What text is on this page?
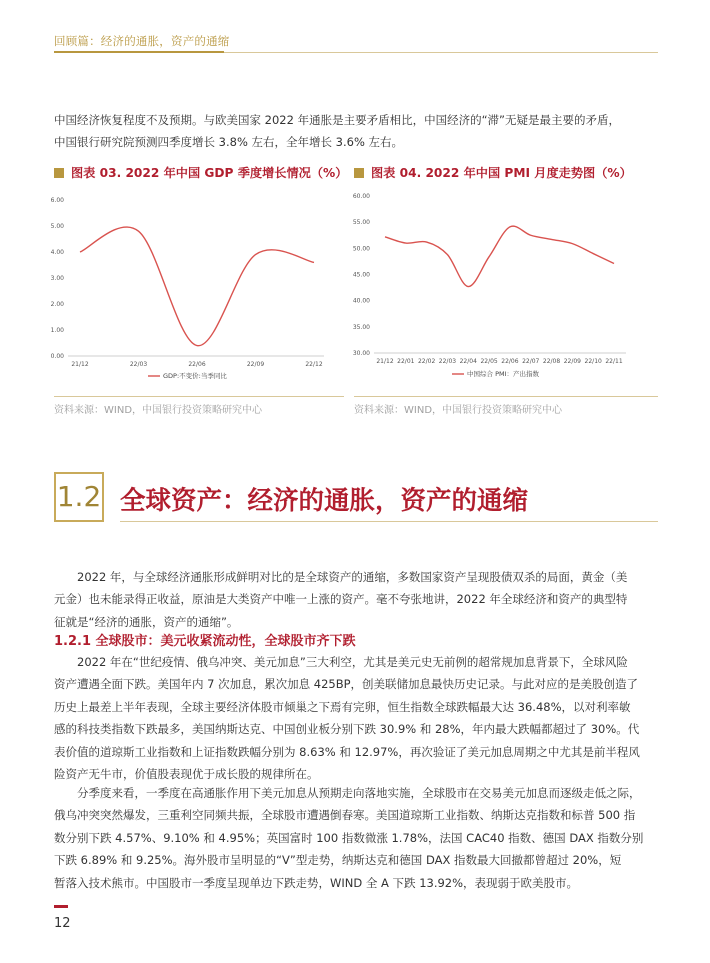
回顾篇：经济的通胀，资产的通缩
中国经济恢复程度不及预期。与欧美国家 2022 年通胀是主要矛盾相比，中国经济的“滞”无疑是最主要的矛盾，
中国银行研究院预测四季度增长 3.8% 左右，全年增长 3.6% 左右。
图表 03. 2022 年中国 GDP 季度增长情况（%）
0.00
1.00
2.00
3.00
4.00
5.00
6.00
21/12	22/03	22/06	22/09	22/12
GDP:不变价:当季同比
资料来源：WIND，中国银行投资策略研究中心
图表 04. 2022 年中国 PMI 月度走势图（%）
30.00
35.00
40.00
45.00
50.00
55.00
60.00
21/12 22/01 22/02 22/03 22/04 22/05 22/06 22/07 22/08 22/09 22/10 22/11
中国综合 PMI：产出指数
资料来源：WIND，中国银行投资策略研究中心
1.2 全球资产：经济的通胀，资产的通缩
2022 年，与全球经济通胀形成鲜明对比的是全球资产的通缩，多数国家资产呈现股债双杀的局面，黄金（美
元金）也未能录得正收益，原油是大类资产中唯一上涨的资产。毫不夸张地讲，2022 年全球经济和资产的典型特
征就是“经济的通胀，资产的通缩”。
1.2.1 全球股市：美元收紧流动性，全球股市齐下跌
2022 年在“世纪疫情、俄乌冲突、美元加息”三大利空，尤其是美元史无前例的超常规加息背景下，全球风险
资产遭遇全面下跌。美国年内 7 次加息，累次加息 425BP，创美联储加息最快历史记录。与此对应的是美股创造了
历史上最差上半年表现，全球主要经济体股市倾巢之下焉有完卵，恒生指数全球跌幅最大达 36.48%，以对利率敏
感的科技类指数下跌最多，美国纳斯达克、中国创业板分别下跌 30.9% 和 28%，年内最大跌幅都超过了 30%。代
表价值的道琼斯工业指数和上证指数跌幅分别为 8.63% 和 12.97%，再次验证了美元加息周期之中尤其是前半程风
险资产无牛市，价值股表现优于成长股的规律所在。
分季度来看，一季度在高通胀作用下美元加息从预期走向落地实施，全球股市在交易美元加息而逐级走低之际，
俄乌冲突突然爆发，三重利空同频共振，全球股市遭遇倒春寒。美国道琼斯工业指数、纳斯达克指数和标普 500 指
数分别下跌 4.57%、9.10% 和 4.95%；英国富时 100 指数微涨 1.78%，法国 CAC40 指数、德国 DAX 指数分别
下跌 6.89% 和 9.25%。海外股市呈明显的“V”型走势，纳斯达克和德国 DAX 指数最大回撤都曾超过 20%，短
暂落入技术熊市。中国股市一季度呈现单边下跌走势，WIND 全 A 下跌 13.92%，表现弱于欧美股市。
12
